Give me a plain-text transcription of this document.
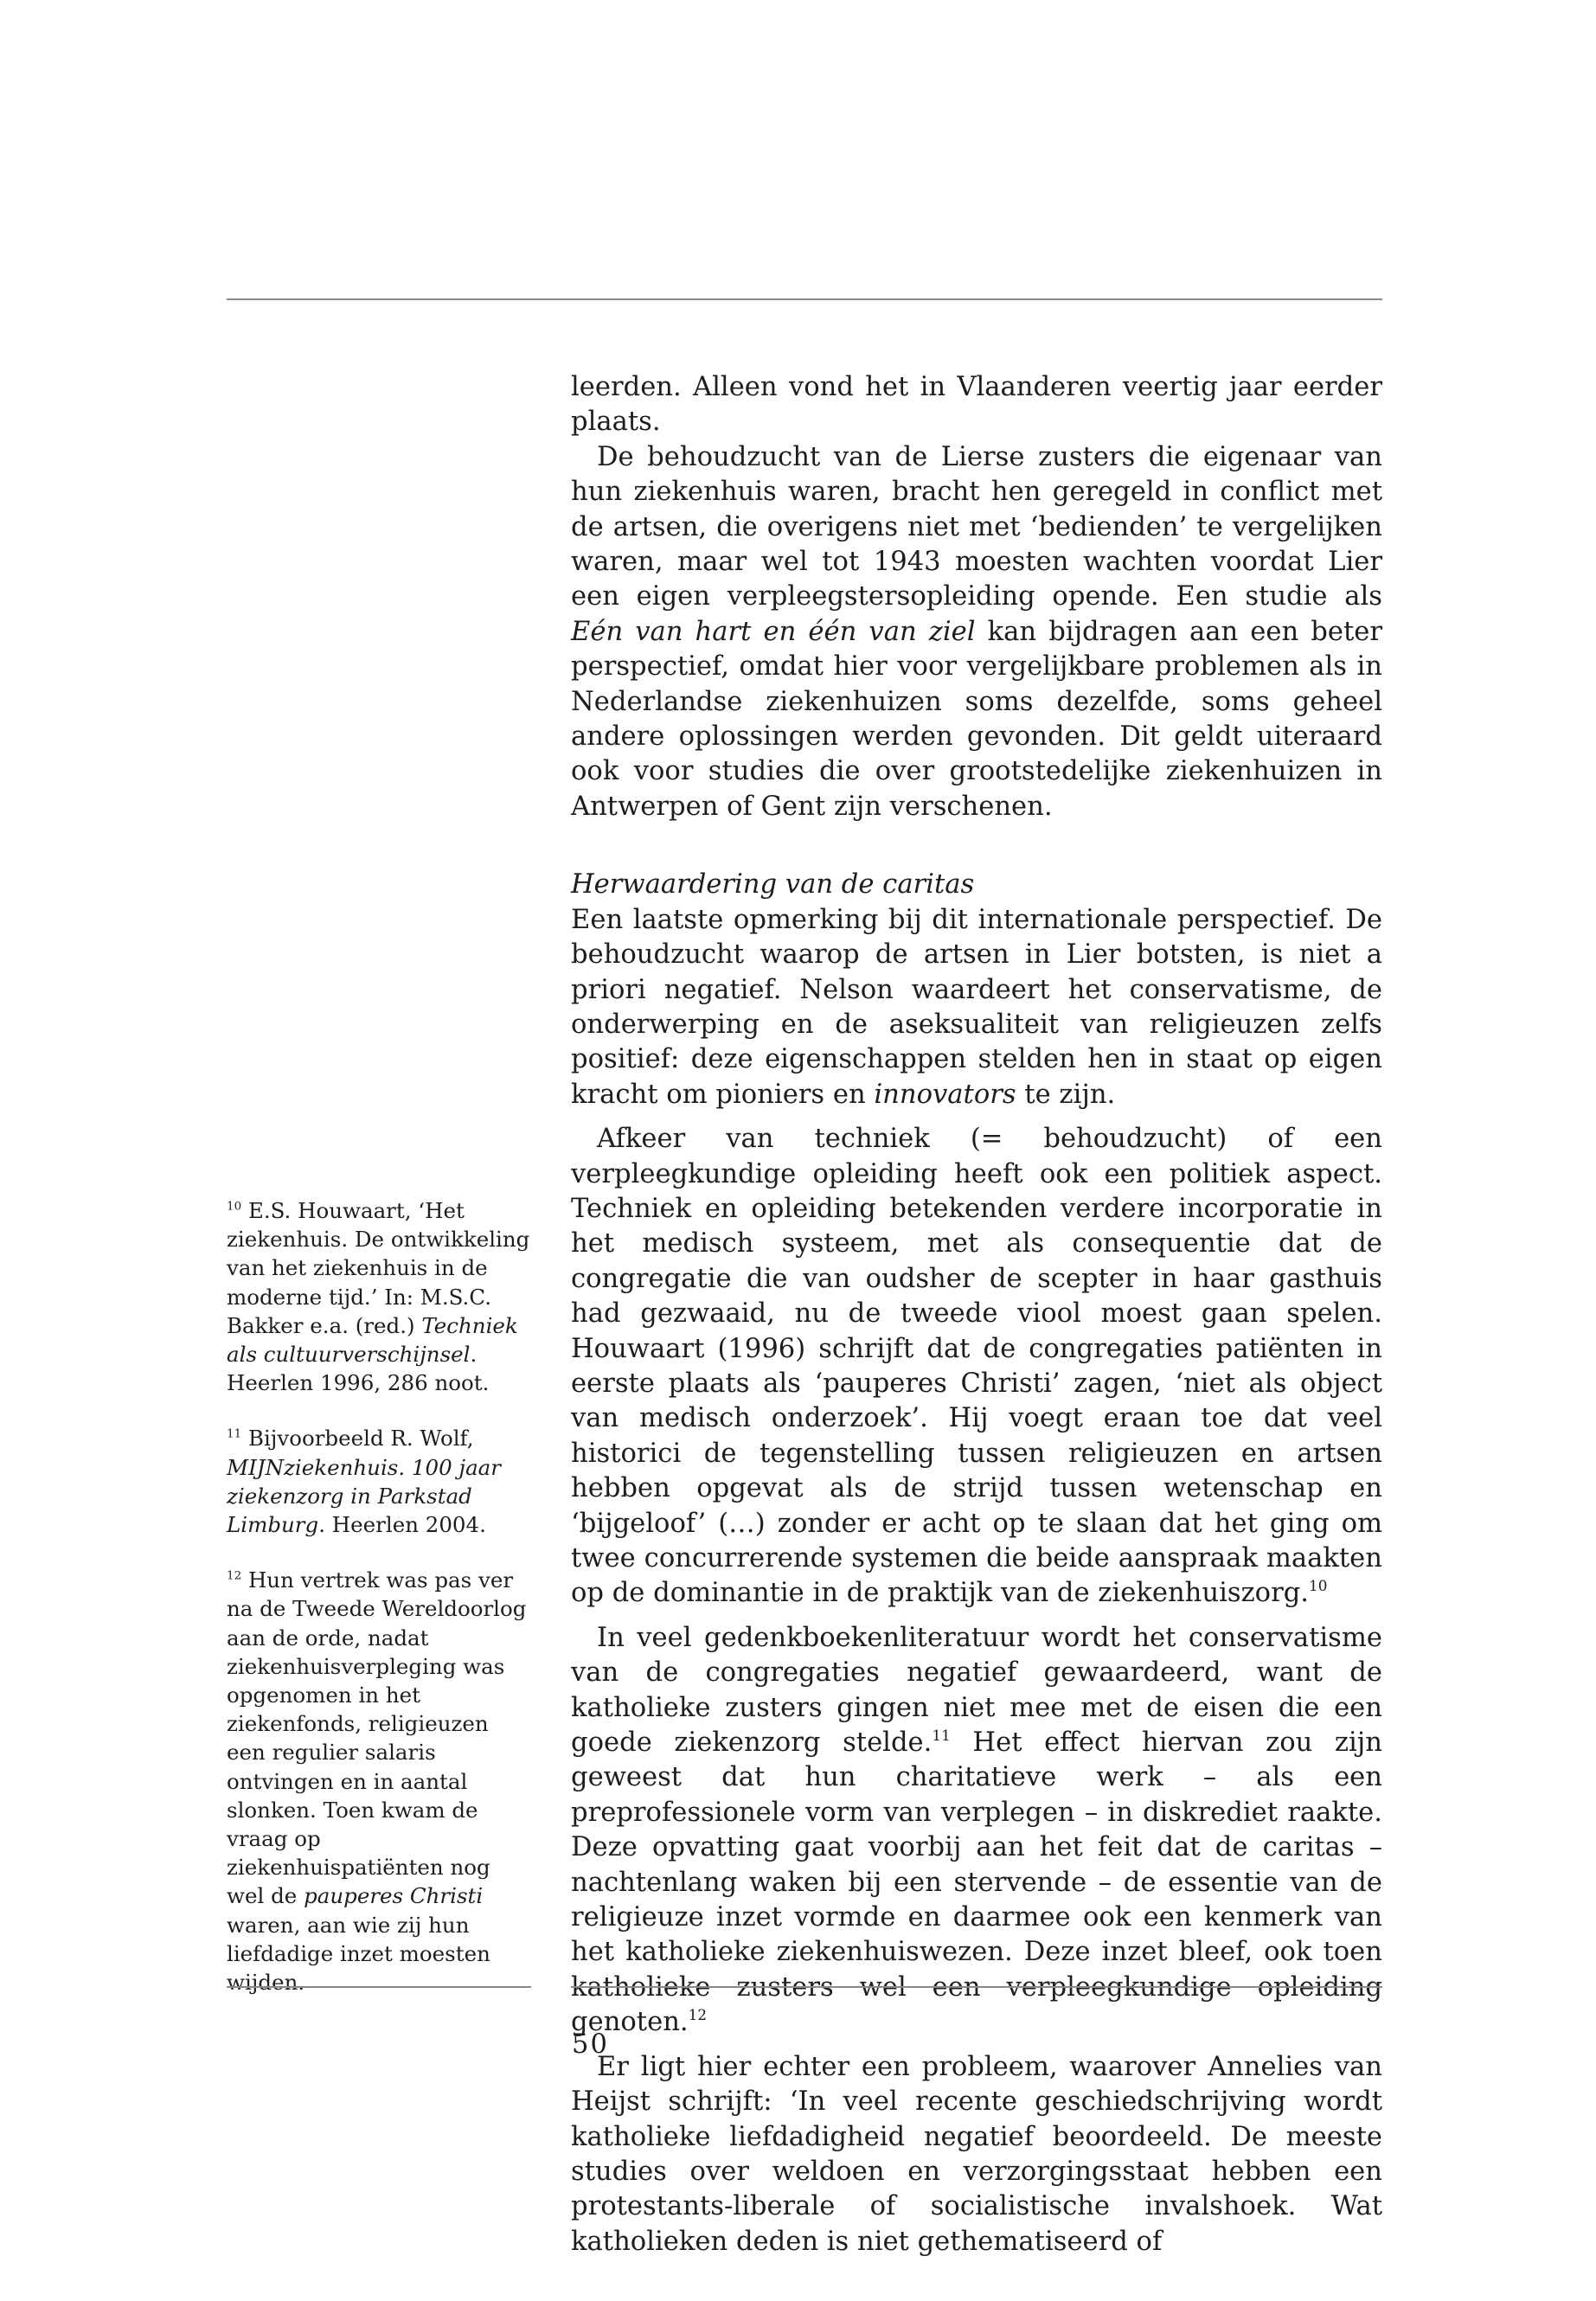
leerden. Alleen vond het in Vlaanderen veertig jaar eerder plaats.

De behoudzucht van de Lierse zusters die eigenaar van hun ziekenhuis waren, bracht hen geregeld in conflict met de artsen, die overigens niet met ‘bedienden’ te vergelijken waren, maar wel tot 1943 moesten wachten voordat Lier een eigen verpleegstersopleiding opende. Een studie als Eén van hart en één van ziel kan bijdragen aan een beter perspectief, omdat hier voor vergelijkbare problemen als in Nederlandse ziekenhuizen soms dezelfde, soms geheel andere oplossingen werden gevonden. Dit geldt uiteraard ook voor studies die over grootstedelijke ziekenhuizen in Antwerpen of Gent zijn verschenen.

Herwaardering van de caritas

Een laatste opmerking bij dit internationale perspectief. De behoudzucht waarop de artsen in Lier botsten, is niet a priori negatief. Nelson waardeert het conservatisme, de onderwerping en de aseksualiteit van religieuzen zelfs positief: deze eigenschappen stelden hen in staat op eigen kracht om pioniers en innovators te zijn.

Afkeer van techniek (= behoudzucht) of een verpleegkundige opleiding heeft ook een politiek aspect. Techniek en opleiding betekenden verdere incorporatie in het medisch systeem, met als consequentie dat de congregatie die van oudsher de scepter in haar gasthuis had gezwaaid, nu de tweede viool moest gaan spelen. Houwaart (1996) schrijft dat de congregaties patiënten in eerste plaats als ‘pauperes Christi’ zagen, ‘niet als object van medisch onderzoek’. Hij voegt eraan toe dat veel historici de tegenstelling tussen religieuzen en artsen hebben opgevat als de strijd tussen wetenschap en ‘bijgeloof’ (…) zonder er acht op te slaan dat het ging om twee concurrerende systemen die beide aanspraak maakten op de dominantie in de praktijk van de ziekenhuiszorg.$^{10}$

In veel gedenkboekenliteratuur wordt het conservatisme van de congregaties negatief gewaardeerd, want de katholieke zusters gingen niet mee met de eisen die een goede ziekenzorg stelde.$^{11}$ Het effect hiervan zou zijn geweest dat hun charitatieve werk – als een preprofessionele vorm van verplegen – in diskrediet raakte. Deze opvatting gaat voorbij aan het feit dat de caritas – nachtenlang waken bij een stervende – de essentie van de religieuze inzet vormde en daarmee ook een kenmerk van het katholieke ziekenhuiswezen. Deze inzet bleef, ook toen katholieke zusters wel een verpleegkundige opleiding genoten.$^{12}$

Er ligt hier echter een probleem, waarover Annelies van Heijst schrijft: ‘In veel recente geschiedschrijving wordt katholieke liefdadigheid negatief beoordeeld. De meeste studies over weldoen en verzorgingsstaat hebben een protestants-liberale of socialistische invalshoek. Wat katholieken deden is niet gethematiseerd of

$^{10}$ E.S. Houwaart, ‘Het ziekenhuis. De ontwikkeling van het ziekenhuis in de moderne tijd.’ In: M.S.C. Bakker e.a. (red.) Techniek als cultuurverschijnsel. Heerlen 1996, 286 noot.

$^{11}$ Bijvoorbeeld R. Wolf, MIJNziekenhuis. 100 jaar ziekenzorg in Parkstad Limburg. Heerlen 2004.

$^{12}$ Hun vertrek was pas ver na de Tweede Wereldoorlog aan de orde, nadat ziekenhuisverpleging was opgenomen in het ziekenfonds, religieuzen een regulier salaris ontvingen en in aantal slonken. Toen kwam de vraag op ziekenhuispatiënten nog wel de pauperes Christi waren, aan wie zij hun liefdadige inzet moesten wijden.

50
